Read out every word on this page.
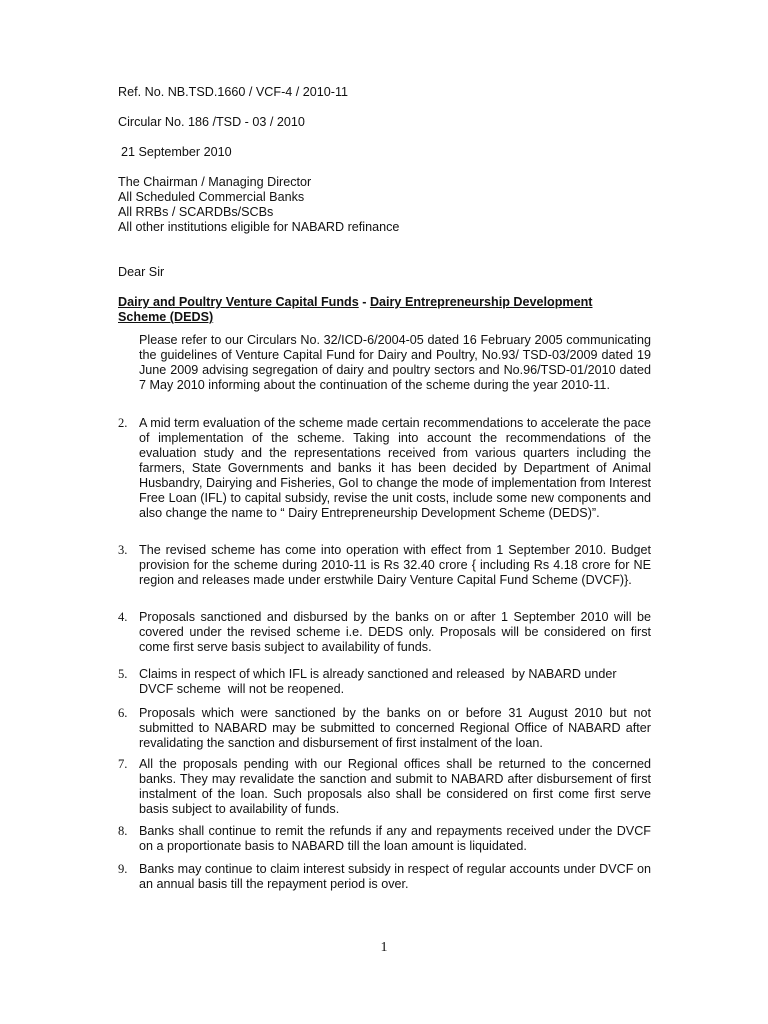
Ref. No. NB.TSD.1660 / VCF-4 / 2010-11
Circular No. 186 /TSD - 03 / 2010
21 September 2010
The Chairman / Managing Director
All Scheduled Commercial Banks
All RRBs / SCARDBs/SCBs
All other institutions eligible for NABARD refinance
Dear Sir
Dairy and Poultry Venture Capital Funds - Dairy Entrepreneurship Development
Scheme (DEDS)
Please refer to our Circulars No. 32/ICD-6/2004-05 dated 16 February 2005 communicating the guidelines of Venture Capital Fund for Dairy and Poultry, No.93/ TSD-03/2009 dated 19 June 2009 advising segregation of dairy and poultry sectors and No.96/TSD-01/2010 dated 7 May 2010 informing about the continuation of the scheme during the year 2010-11.
2. A mid term evaluation of the scheme made certain recommendations to accelerate the pace of implementation of the scheme. Taking into account the recommendations of the evaluation study and the representations received from various quarters including the farmers, State Governments and banks it has been decided by Department of Animal Husbandry, Dairying and Fisheries, GoI to change the mode of implementation from Interest Free Loan (IFL) to capital subsidy, revise the unit costs, include some new components and also change the name to “ Dairy Entrepreneurship Development Scheme (DEDS)”.
3. The revised scheme has come into operation with effect from 1 September 2010. Budget provision for the scheme during 2010-11 is Rs 32.40 crore { including Rs 4.18 crore for NE region and releases made under erstwhile Dairy Venture Capital Fund Scheme (DVCF)}.
4. Proposals sanctioned and disbursed by the banks on or after 1 September 2010 will be covered under the revised scheme i.e. DEDS only. Proposals will be considered on first come first serve basis subject to availability of funds.
5. Claims in respect of which IFL is already sanctioned and released  by NABARD under DVCF scheme  will not be reopened.
6. Proposals which were sanctioned by the banks on or before 31 August 2010 but not submitted to NABARD may be submitted to concerned Regional Office of NABARD after revalidating the sanction and disbursement of first instalment of the loan.
7. All the proposals pending with our Regional offices shall be returned to the concerned banks. They may revalidate the sanction and submit to NABARD after disbursement of first instalment of the loan. Such proposals also shall be considered on first come first serve basis subject to availability of funds.
8. Banks shall continue to remit the refunds if any and repayments received under the DVCF on a proportionate basis to NABARD till the loan amount is liquidated.
9. Banks may continue to claim interest subsidy in respect of regular accounts under DVCF on an annual basis till the repayment period is over.
1
